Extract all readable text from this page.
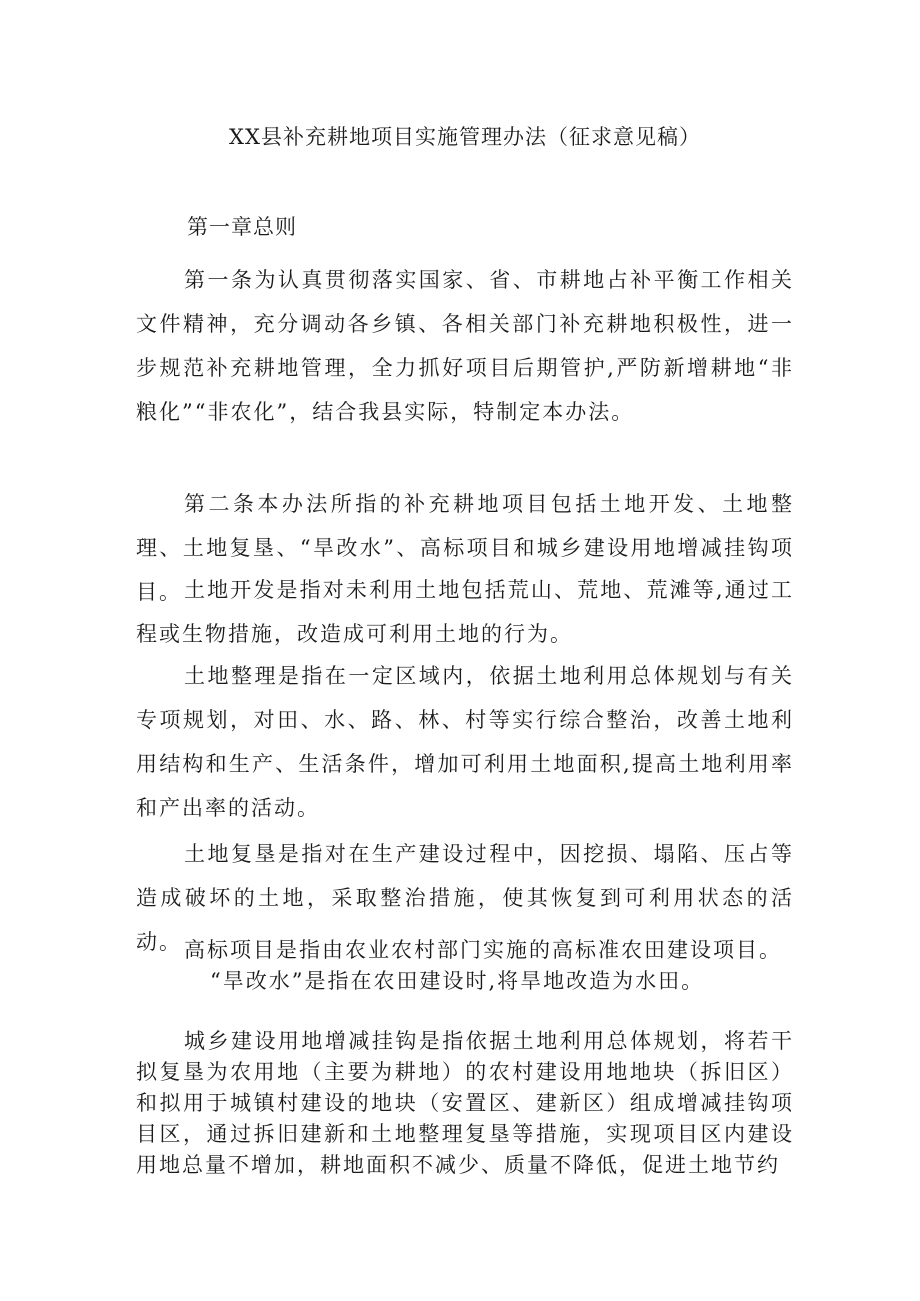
XX县补充耕地项目实施管理办法（征求意见稿）

第一章总则

第一条为认真贯彻落实国家、省、市耕地占补平衡工作相关文件精神，充分调动各乡镇、各相关部门补充耕地积极性，进一步规范补充耕地管理，全力抓好项目后期管护,严防新增耕地“非粮化”“非农化”，结合我县实际，特制定本办法。

第二条本办法所指的补充耕地项目包括土地开发、土地整理、土地复垦、“旱改水”、高标项目和城乡建设用地增减挂钩项目。 土地开发是指对未利用土地包括荒山、荒地、荒滩等,通过工程或生物措施，改造成可利用土地的行为。

土地整理是指在一定区域内，依据土地利用总体规划与有关专项规划，对田、水、路、林、村等实行综合整治，改善土地利用结构和生产、生活条件，增加可利用土地面积,提高土地利用率和产出率的活动。

土地复垦是指对在生产建设过程中，因挖损、塌陷、压占等造成破坏的土地，采取整治措施，使其恢复到可利用状态的活动。 高标项目是指由农业农村部门实施的高标准农田建设项目。

“旱改水”是指在农田建设时,将旱地改造为水田。

城乡建设用地增减挂钩是指依据土地利用总体规划，将若干拟复垦为农用地（主要为耕地）的农村建设用地地块（拆旧区）和拟用于城镇村建设的地块（安置区、建新区）组成增减挂钩项目区，通过拆旧建新和土地整理复垦等措施，实现项目区内建设用地总量不增加，耕地面积不减少、质量不降低，促进土地节约
